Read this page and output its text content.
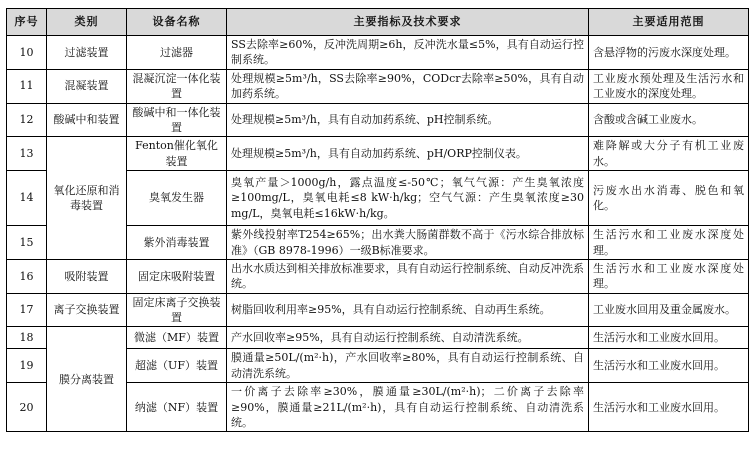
序号	类别	设备名称	主要指标及技术要求	主要适用范围
10	过滤装置	过滤器	SS去除率≥60%，反冲洗周期≥6h，反冲洗水量≤5%，具有自动运行控制系统。	含悬浮物的污废水深度处理。
11	混凝装置	混凝沉淀一体化装置	处理规模≥5m³/h，SS去除率≥90%，CODcr去除率≥50%，具有自动加药系统。	工业废水预处理及生活污水和工业废水的深度处理。
12	酸碱中和装置	酸碱中和一体化装置	处理规模≥5m³/h，具有自动加药系统、pH控制系统。	含酸或含碱工业废水。
13	氧化还原和消毒装置	Fenton催化氧化装置	处理规模≥5m³/h，具有自动加药系统、pH/ORP控制仪表。	难降解或大分子有机工业废水。
14		臭氧发生器	臭氧产量＞1000g/h，露点温度≤-50℃；氧气气源：产生臭氧浓度≥100mg/L，臭氧电耗≤8 kW·h/kg；空气气源：产生臭氧浓度≥30 mg/L，臭氧电耗≤16kW·h/kg。	污废水出水消毒、脱色和氧化。
15		紫外消毒装置	紫外线投射率T254≥65%；出水粪大肠菌群数不高于《污水综合排放标准》（GB 8978-1996）一级B标准要求。	生活污水和工业废水深度处理。
16	吸附装置	固定床吸附装置	出水水质达到相关排放标准要求，具有自动运行控制系统、自动反冲洗系统。	生活污水和工业废水深度处理。
17	离子交换装置	固定床离子交换装置	树脂回收利用率≥95%，具有自动运行控制系统、自动再生系统。	工业废水回用及重金属废水。
18	膜分离装置	微滤（MF）装置	产水回收率≥95%，具有自动运行控制系统、自动清洗系统。	生活污水和工业废水回用。
19		超滤（UF）装置	膜通量≥50L/(m²·h)，产水回收率≥80%，具有自动运行控制系统、自动清洗系统。	生活污水和工业废水回用。
20		纳滤（NF）装置	一价离子去除率≥30%，膜通量≥30L/(m²·h)；二价离子去除率≥90%，膜通量≥21L/(m²·h)，具有自动运行控制系统、自动清洗系统。	生活污水和工业废水回用。
